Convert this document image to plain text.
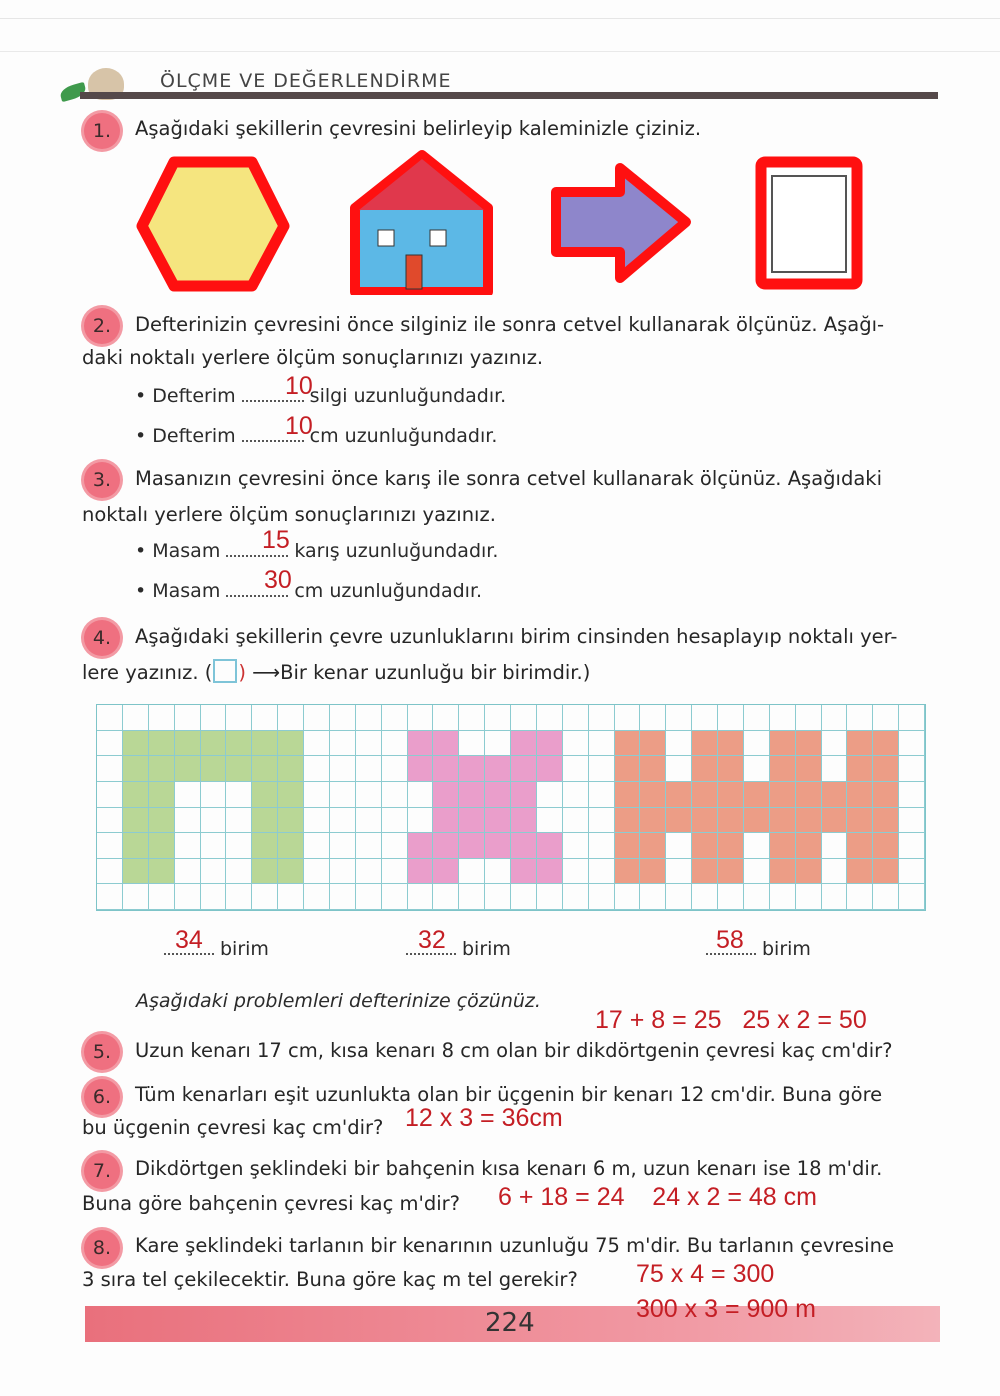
ÖLÇME VE DEĞERLENDİRME
1.	Aşağıdaki şekillerin çevresini belirleyip kaleminizle çiziniz.
2.	Defterinizin çevresini önce silginiz ile sonra cetvel kullanarak ölçünüz. Aşağı-
daki noktalı yerlere ölçüm sonuçlarınızı yazınız.
• Defterim	silgi uzunluğundadır.
10
• Defterim	cm uzunluğundadır.
10
3.	Masanızın çevresini önce karış ile sonra cetvel kullanarak ölçünüz. Aşağıdaki
noktalı yerlere ölçüm sonuçlarınızı yazınız.
• Masam	karış uzunluğundadır.
15
• Masam	cm uzunluğundadır.
30
4.	Aşağıdaki şekillerin çevre uzunluklarını birim cinsinden hesaplayıp noktalı yer-
lere yazınız. ( ) ⟶Bir kenar uzunluğu bir birimdir.)
birim
34	birim
32	birim
58
Aşağıdaki problemleri defterinize çözünüz.
17 + 8 = 25   25 x 2 = 50
5.	Uzun kenarı 17 cm, kısa kenarı 8 cm olan bir dikdörtgenin çevresi kaç cm'dir?
6.	Tüm kenarları eşit uzunlukta olan bir üçgenin bir kenarı 12 cm'dir. Buna göre
bu üçgenin çevresi kaç cm'dir? 12 x 3 = 36cm
7.	Dikdörtgen şeklindeki bir bahçenin kısa kenarı 6 m, uzun kenarı ise 18 m'dir.
Buna göre bahçenin çevresi kaç m'dir? 6 + 18 = 24    24 x 2 = 48 cm
8.	Kare şeklindeki tarlanın bir kenarının uzunluğu 75 m'dir. Bu tarlanın çevresine
3 sıra tel çekilecektir. Buna göre kaç m tel gerekir? 75 x 4 = 300
224	300 x 3 = 900 m
